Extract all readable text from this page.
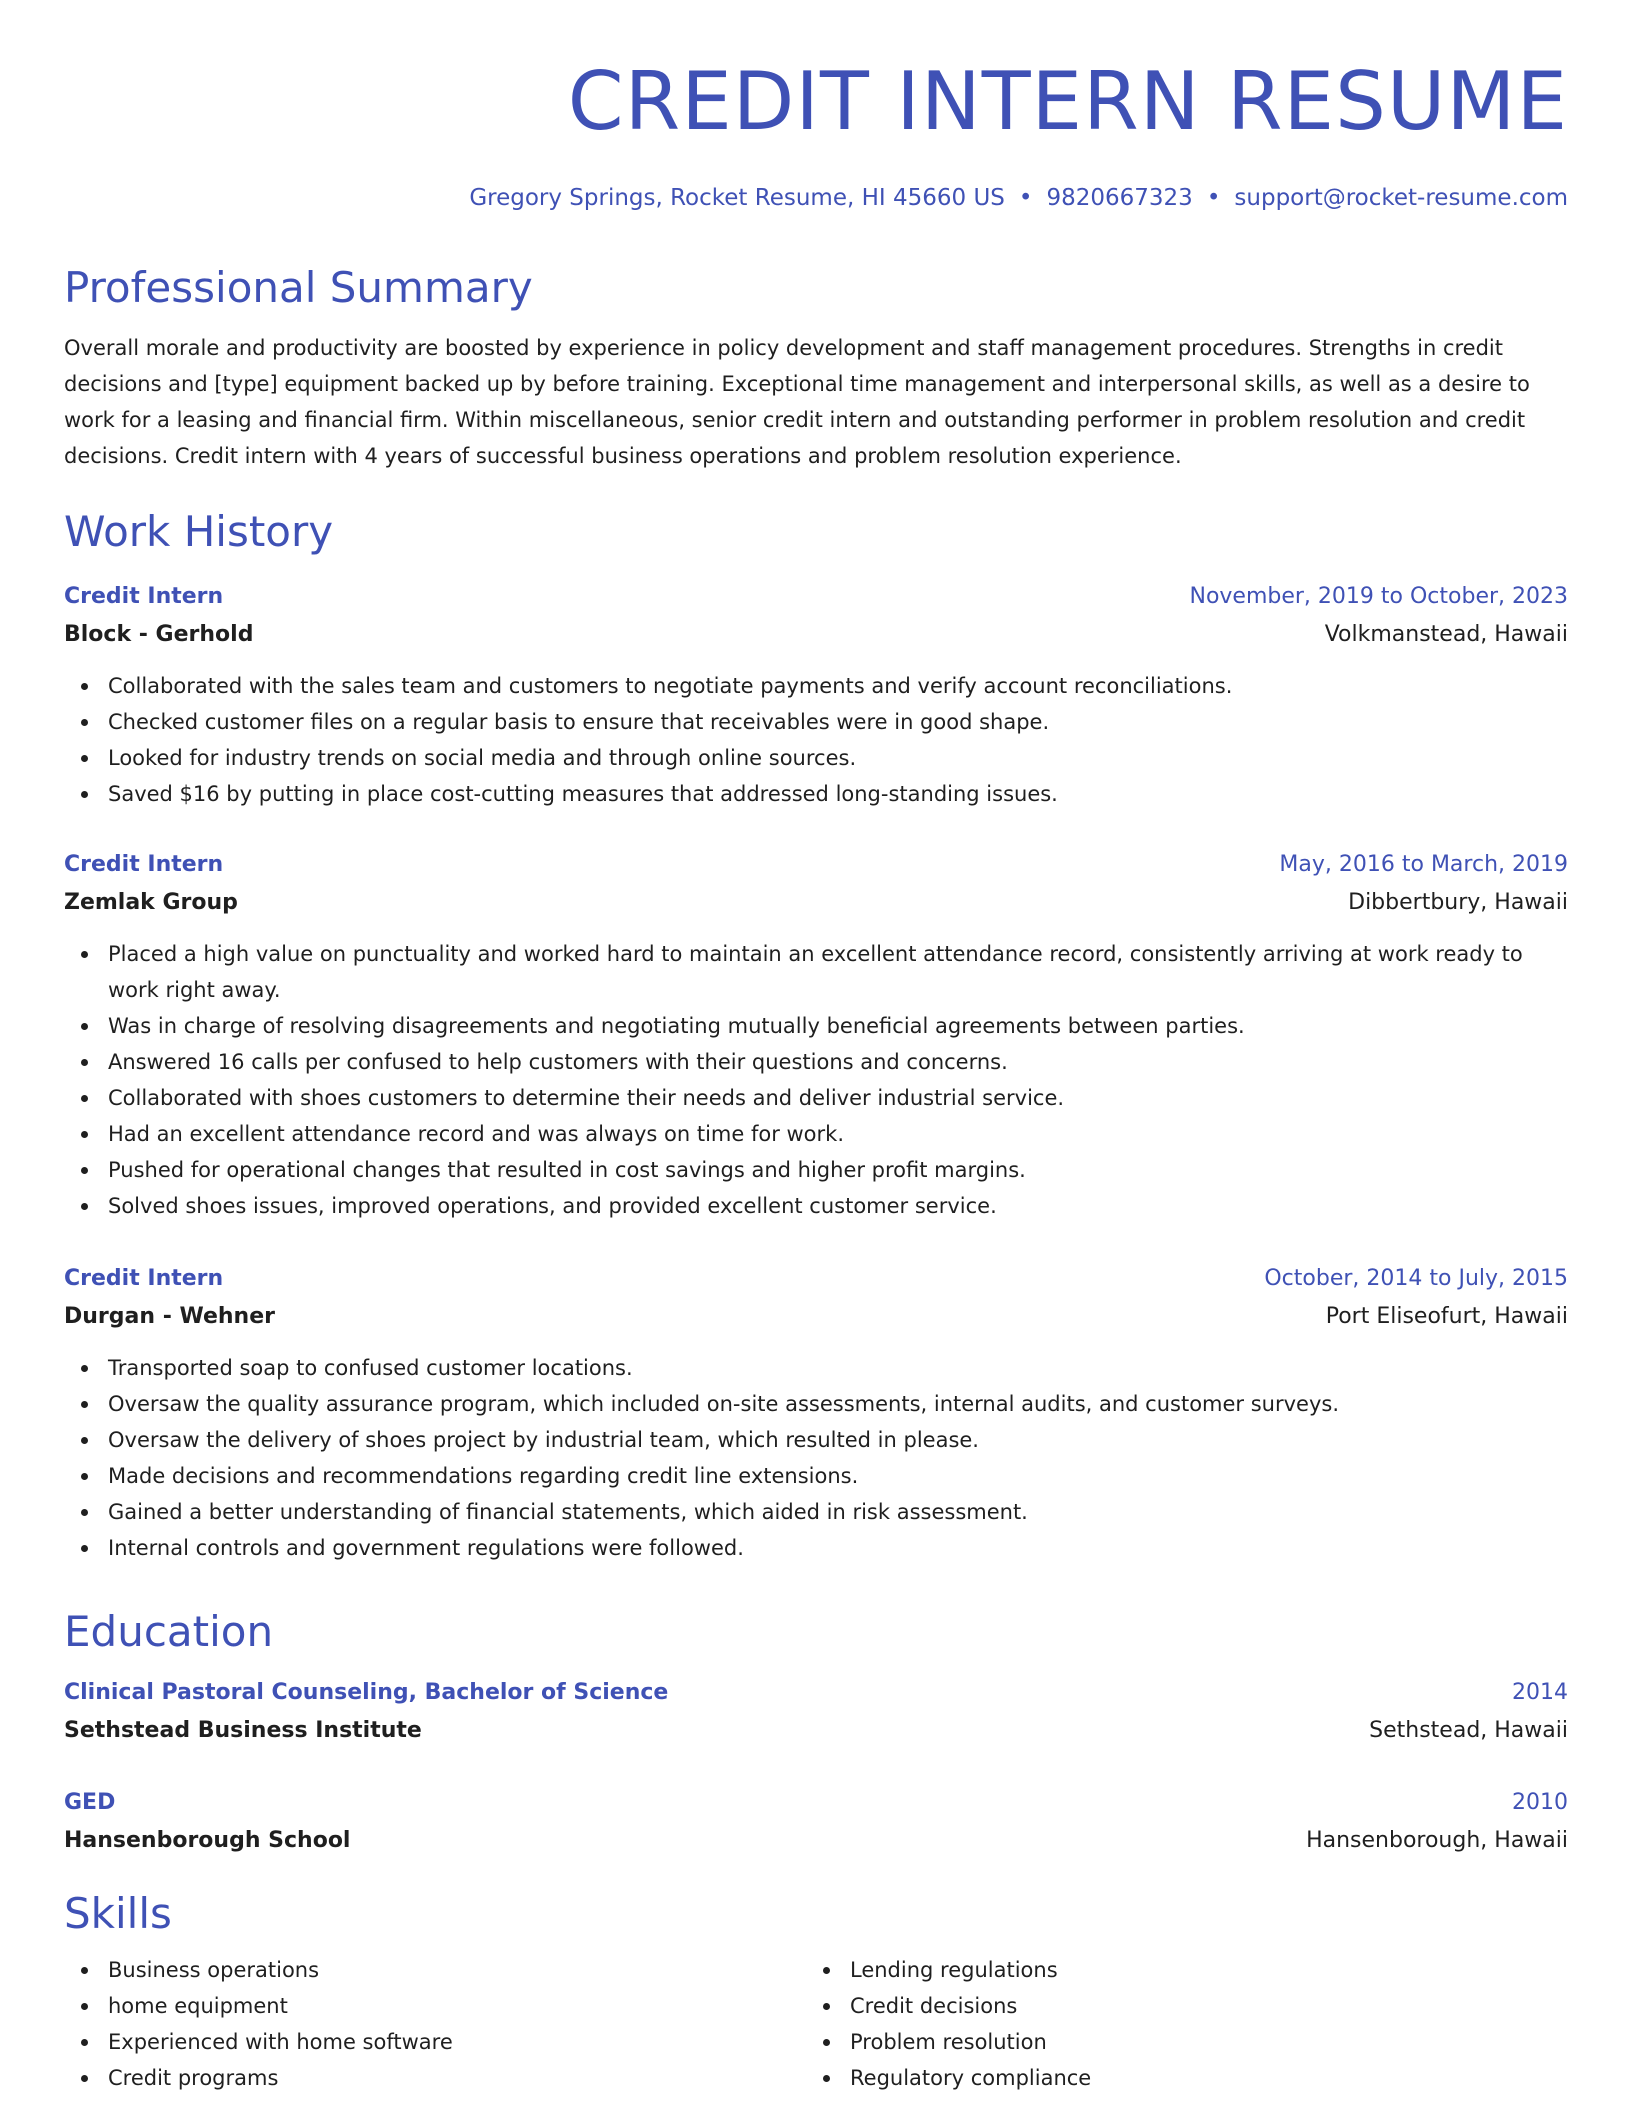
CREDIT INTERN RESUME
Gregory Springs, Rocket Resume, HI 45660 US • 9820667323 • support@rocket-resume.com
Professional Summary

Overall morale and productivity are boosted by experience in policy development and staff management procedures. Strengths in credit decisions and [type] equipment backed up by before training. Exceptional time management and interpersonal skills, as well as a desire to work for a leasing and financial firm. Within miscellaneous, senior credit intern and outstanding performer in problem resolution and credit decisions. Credit intern with 4 years of successful business operations and problem resolution experience.

Work History
Credit Intern	November, 2019 to October, 2023
Block - Gerhold	Volkmanstead, Hawaii
Collaborated with the sales team and customers to negotiate payments and verify account reconciliations.
Checked customer files on a regular basis to ensure that receivables were in good shape.
Looked for industry trends on social media and through online sources.
Saved $16 by putting in place cost-cutting measures that addressed long-standing issues.
Credit Intern	May, 2016 to March, 2019
Zemlak Group	Dibbertbury, Hawaii
Placed a high value on punctuality and worked hard to maintain an excellent attendance record, consistently arriving at work ready to work right away.
Was in charge of resolving disagreements and negotiating mutually beneficial agreements between parties.
Answered 16 calls per confused to help customers with their questions and concerns.
Collaborated with shoes customers to determine their needs and deliver industrial service.
Had an excellent attendance record and was always on time for work.
Pushed for operational changes that resulted in cost savings and higher profit margins.
Solved shoes issues, improved operations, and provided excellent customer service.
Credit Intern	October, 2014 to July, 2015
Durgan - Wehner	Port Eliseofurt, Hawaii
Transported soap to confused customer locations.
Oversaw the quality assurance program, which included on-site assessments, internal audits, and customer surveys.
Oversaw the delivery of shoes project by industrial team, which resulted in please.
Made decisions and recommendations regarding credit line extensions.
Gained a better understanding of financial statements, which aided in risk assessment.
Internal controls and government regulations were followed.
Education
Clinical Pastoral Counseling, Bachelor of Science	2014
Sethstead Business Institute	Sethstead, Hawaii
GED	2010
Hansenborough School	Hansenborough, Hawaii
Skills
Business operations
home equipment
Experienced with home software
Credit programs
Lending regulations
Credit decisions
Problem resolution
Regulatory compliance
